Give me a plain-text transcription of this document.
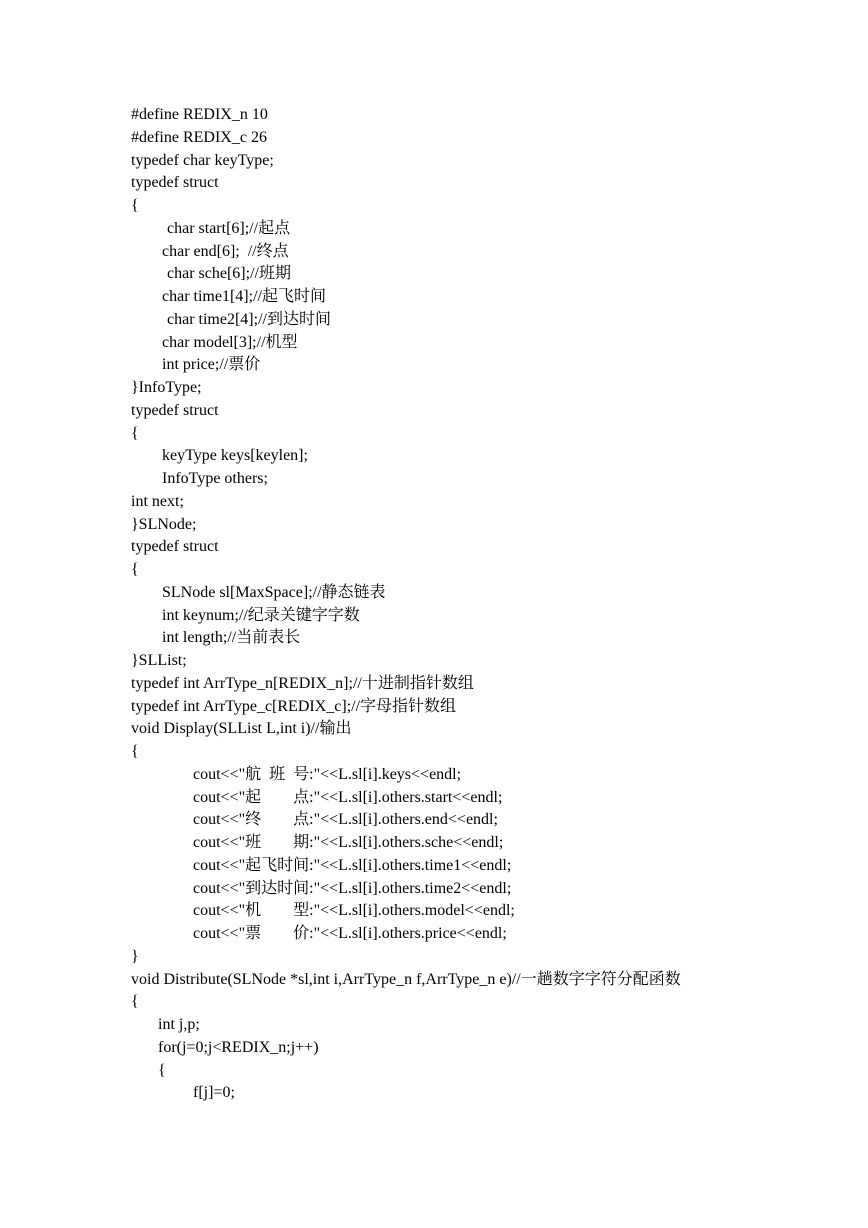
#define REDIX_n 10
#define REDIX_c 26
typedef char keyType;
typedef struct
{
char start[6];//起点
char end[6];  //终点
char sche[6];//班期
char time1[4];//起飞时间
char time2[4];//到达时间
char model[3];//机型
int price;//票价
}InfoType;
typedef struct
{
keyType keys[keylen];
InfoType others;
int next;
}SLNode;
typedef struct
{
SLNode sl[MaxSpace];//静态链表
int keynum;//纪录关键字字数
int length;//当前表长
}SLList;
typedef int ArrType_n[REDIX_n];//十进制指针数组
typedef int ArrType_c[REDIX_c];//字母指针数组
void Display(SLList L,int i)//输出
{
cout<<"航  班  号:"<<L.sl[i].keys<<endl;
cout<<"起        点:"<<L.sl[i].others.start<<endl;
cout<<"终        点:"<<L.sl[i].others.end<<endl;
cout<<"班        期:"<<L.sl[i].others.sche<<endl;
cout<<"起飞时间:"<<L.sl[i].others.time1<<endl;
cout<<"到达时间:"<<L.sl[i].others.time2<<endl;
cout<<"机        型:"<<L.sl[i].others.model<<endl;
cout<<"票        价:"<<L.sl[i].others.price<<endl;
}
void Distribute(SLNode *sl,int i,ArrType_n f,ArrType_n e)//一趟数字字符分配函数
{
int j,p;
for(j=0;j<REDIX_n;j++)
{
f[j]=0;
